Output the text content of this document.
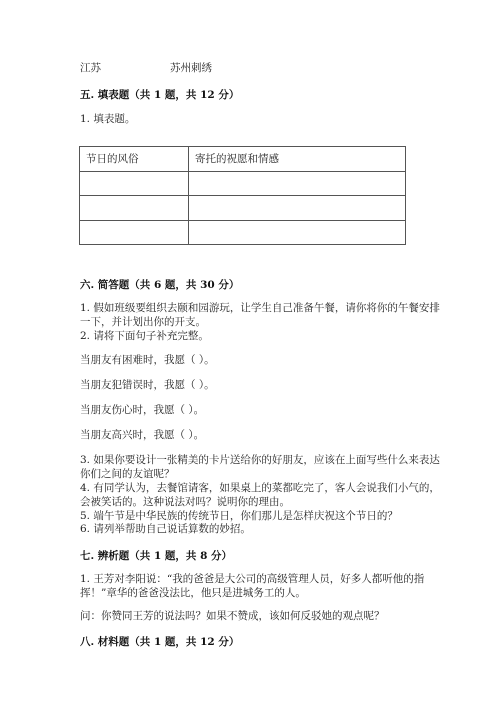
江苏	苏州刺绣
五. 填表题（共 1 题，共 12 分）
1. 填表题。
节日的风俗	寄托的祝愿和情感

六. 简答题（共 6 题，共 30 分）
1. 假如班级要组织去颐和园游玩，让学生自己准备午餐，请你将你的午餐安排
一下，并计划出你的开支。
2. 请将下面句子补充完整。
当朋友有困难时，我愿（ ）。
当朋友犯错误时，我愿（ ）。
当朋友伤心时，我愿（ ）。
当朋友高兴时，我愿（ ）。
3. 如果你要设计一张精美的卡片送给你的好朋友，应该在上面写些什么来表达
你们之间的友谊呢？
4. 有同学认为，去餐馆请客，如果桌上的菜都吃完了，客人会说我们小气的，
会被笑话的。这种说法对吗？说明你的理由。
5. 端午节是中华民族的传统节日，你们那儿是怎样庆祝这个节日的？
6. 请列举帮助自己说话算数的妙招。
七. 辨析题（共 1 题，共 8 分）
1. 王芳对李阳说：“我的爸爸是大公司的高级管理人员，好多人都听他的指
挥！”章华的爸爸没法比，他只是进城务工的人。
问：你赞同王芳的说法吗？如果不赞成，该如何反驳她的观点呢？
八. 材料题（共 1 题，共 12 分）
